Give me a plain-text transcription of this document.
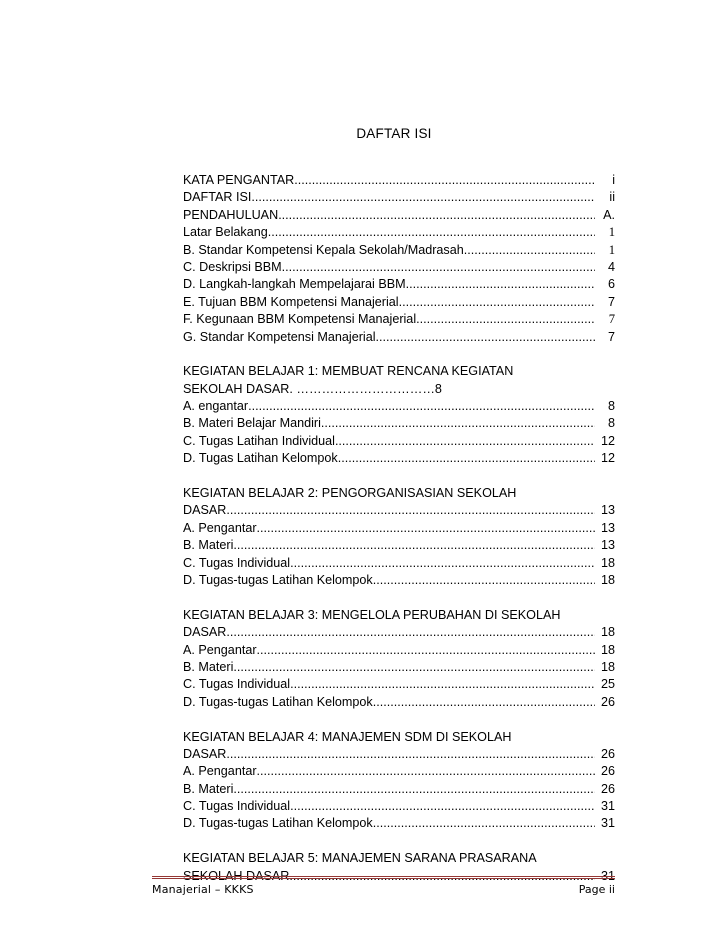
DAFTAR ISI
KATA PENGANTAR .....	i
DAFTAR ISI .....	ii
PENDAHULUAN .....	A.
Latar Belakang .....	1
B. Standar Kompetensi Kepala Sekolah/Madrasah .....	1
C. Deskripsi BBM .....	4
D. Langkah-langkah Mempelajarai BBM .....	6
E. Tujuan BBM Kompetensi Manajerial .....	7
F. Kegunaan BBM Kompetensi Manajerial .....	7
G. Standar Kompetensi Manajerial .....	7
KEGIATAN BELAJAR 1: MEMBUAT RENCANA KEGIATAN
SEKOLAH DASAR. ……………………………8
A. engantar .....	8
B. Materi Belajar Mandiri .....	8
C. Tugas Latihan Individual .....	12
D. Tugas Latihan Kelompok .....	12
KEGIATAN BELAJAR 2: PENGORGANISASIAN SEKOLAH
DASAR .....	13
A. Pengantar .....	13
B. Materi .....	13
C. Tugas Individual .....	18
D. Tugas-tugas Latihan Kelompok .....	18
KEGIATAN BELAJAR 3: MENGELOLA PERUBAHAN DI SEKOLAH
DASAR... .....	18
A. Pengantar .....	18
B. Materi .....	18
C. Tugas Individual .....	25
D. Tugas-tugas Latihan Kelompok .....	26
KEGIATAN BELAJAR 4: MANAJEMEN SDM DI SEKOLAH
DASAR .....	26
A. Pengantar .....	26
B. Materi .....	26
C. Tugas Individual .....	31
D. Tugas-tugas Latihan Kelompok .....	31
KEGIATAN BELAJAR 5: MANAJEMEN SARANA PRASARANA
SEKOLAH DASAR .....	31
Manajerial – KKKS	Page ii
